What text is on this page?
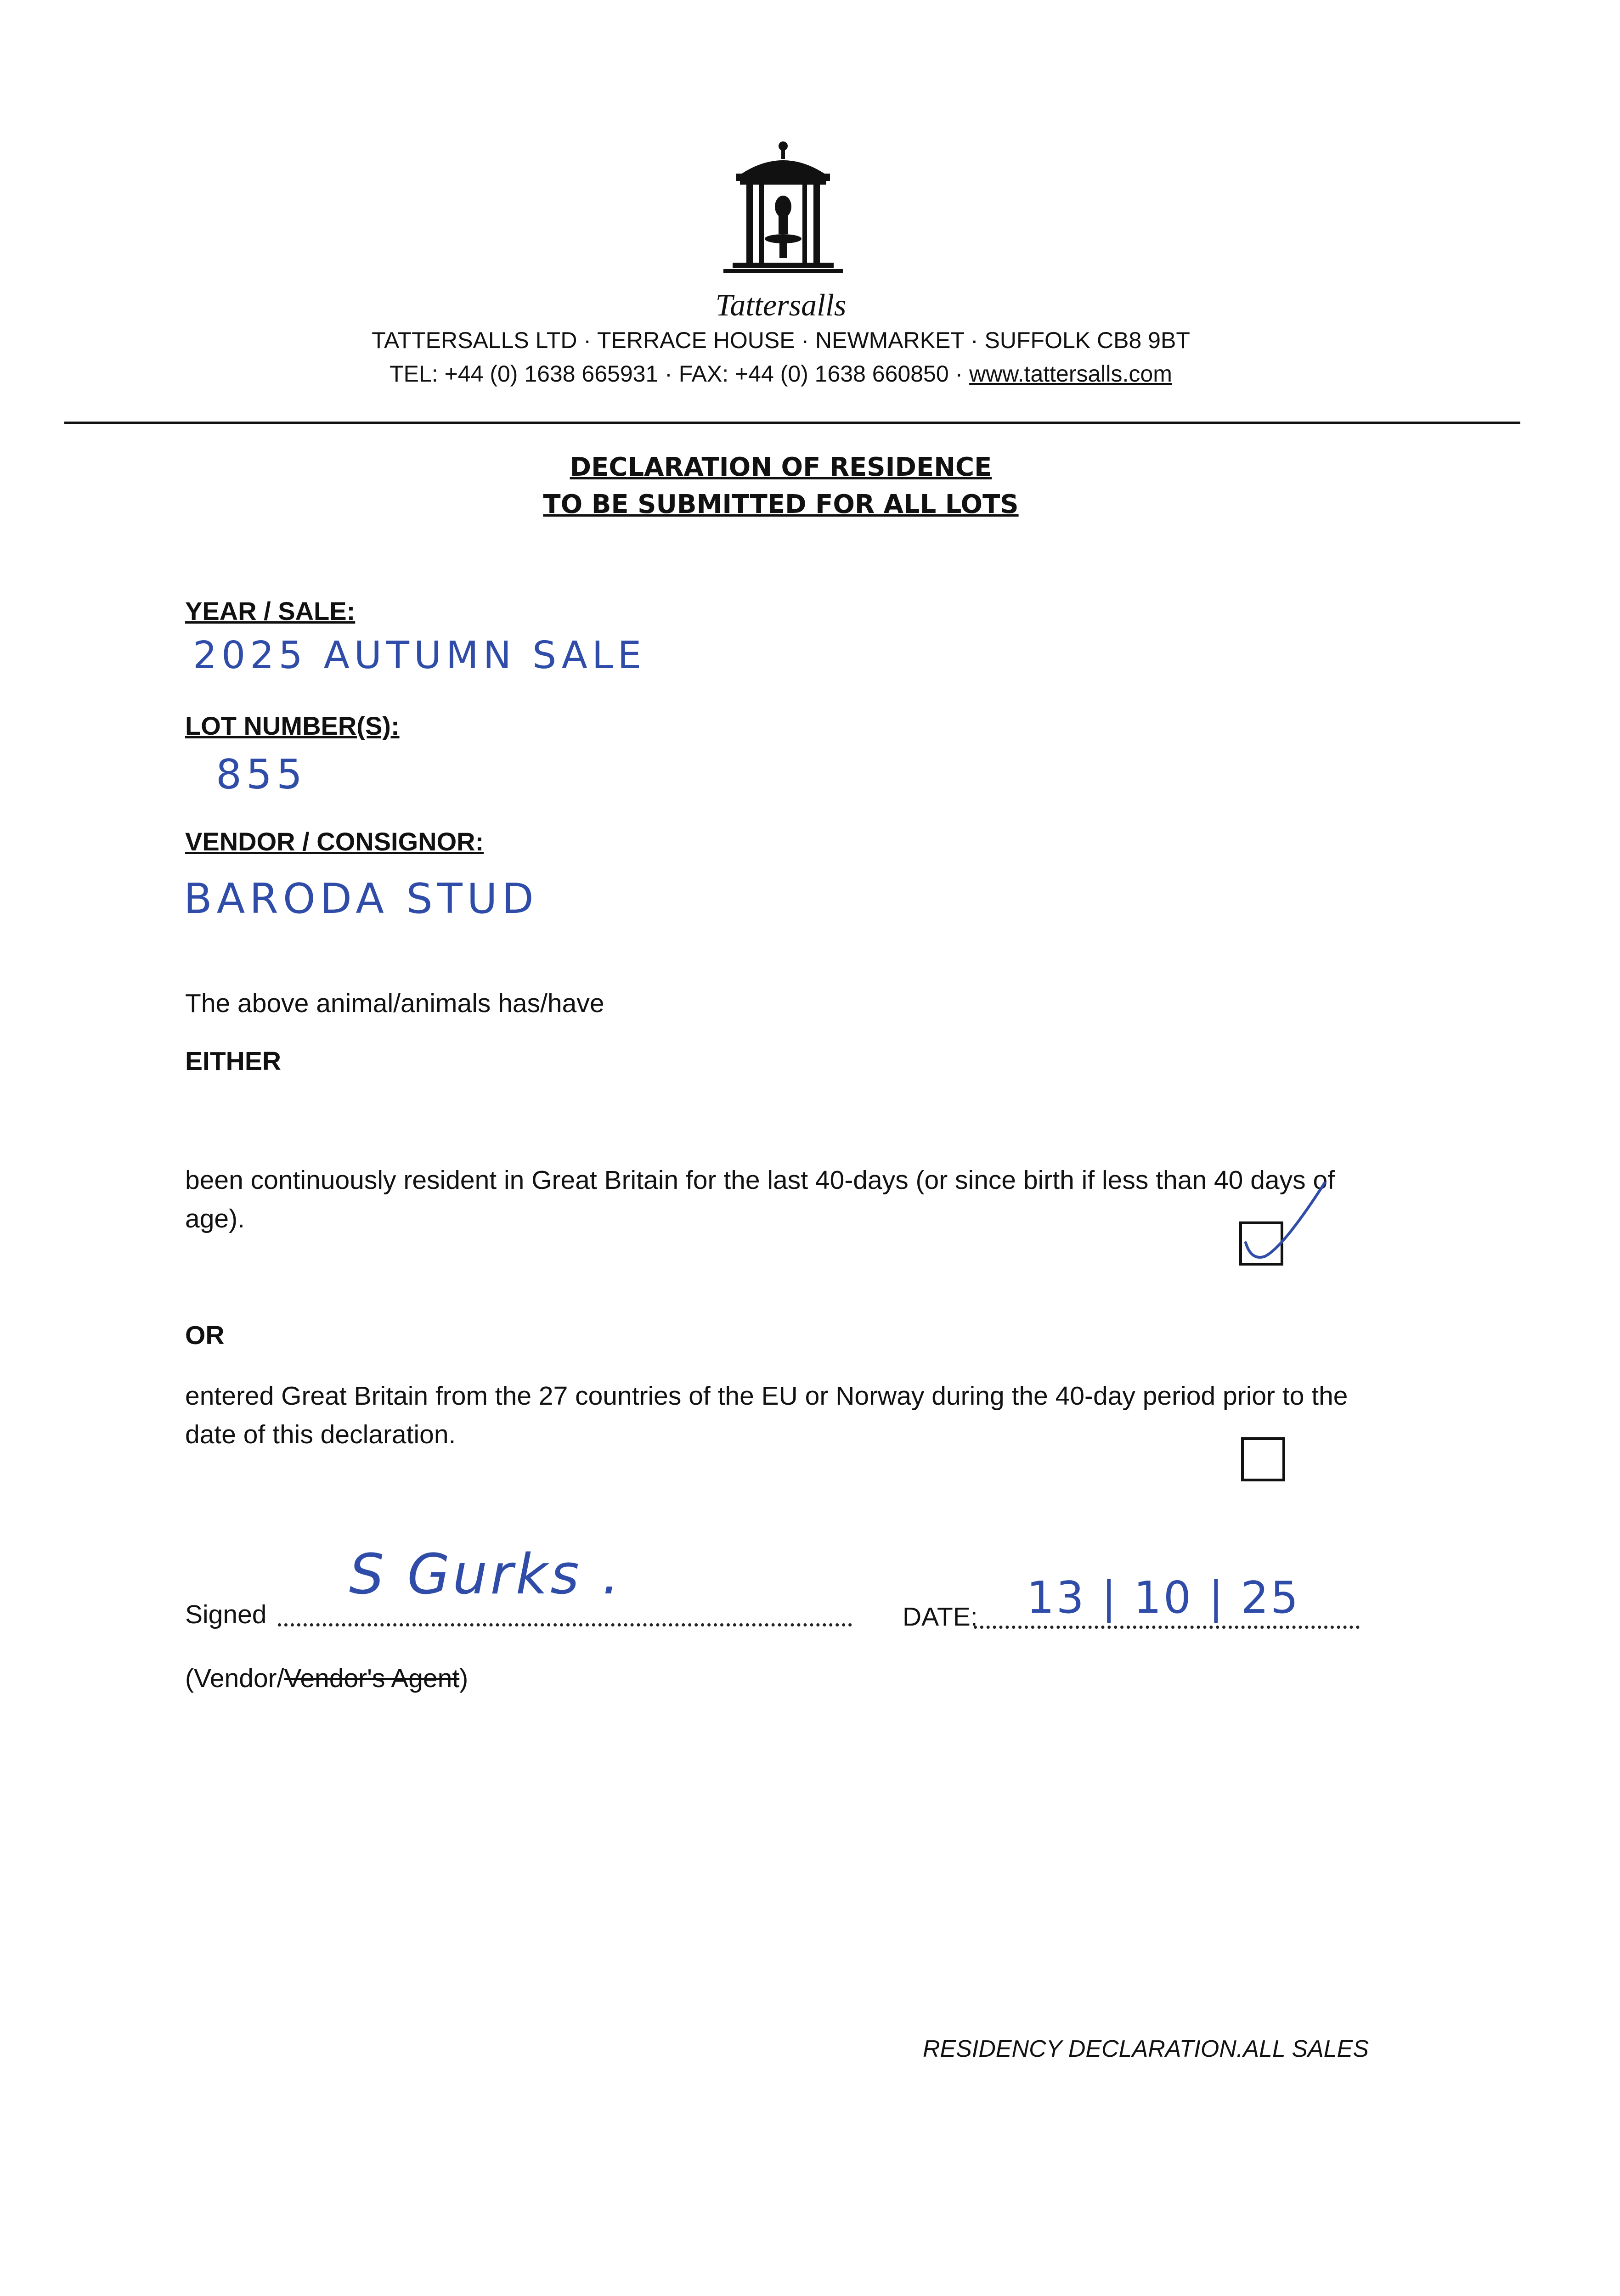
Tattersalls
TATTERSALLS LTD · TERRACE HOUSE · NEWMARKET · SUFFOLK CB8 9BT
TEL: +44 (0) 1638 665931 · FAX: +44 (0) 1638 660850 · www.tattersalls.com
DECLARATION OF RESIDENCE
TO BE SUBMITTED FOR ALL LOTS
YEAR / SALE:
2025 AUTUMN SALE
LOT NUMBER(S):
855
VENDOR / CONSIGNOR:
BARODA STUD
The above animal/animals has/have
EITHER
been continuously resident in Great Britain for the last 40-days (or since birth if less than 40 days of age).
OR
entered Great Britain from the 27 countries of the EU or Norway during the 40-day period prior to the date of this declaration.
Signed
S Gurks .
DATE: 13 | 10 | 25
(Vendor/Vendor's Agent)
RESIDENCY DECLARATION.ALL SALES
